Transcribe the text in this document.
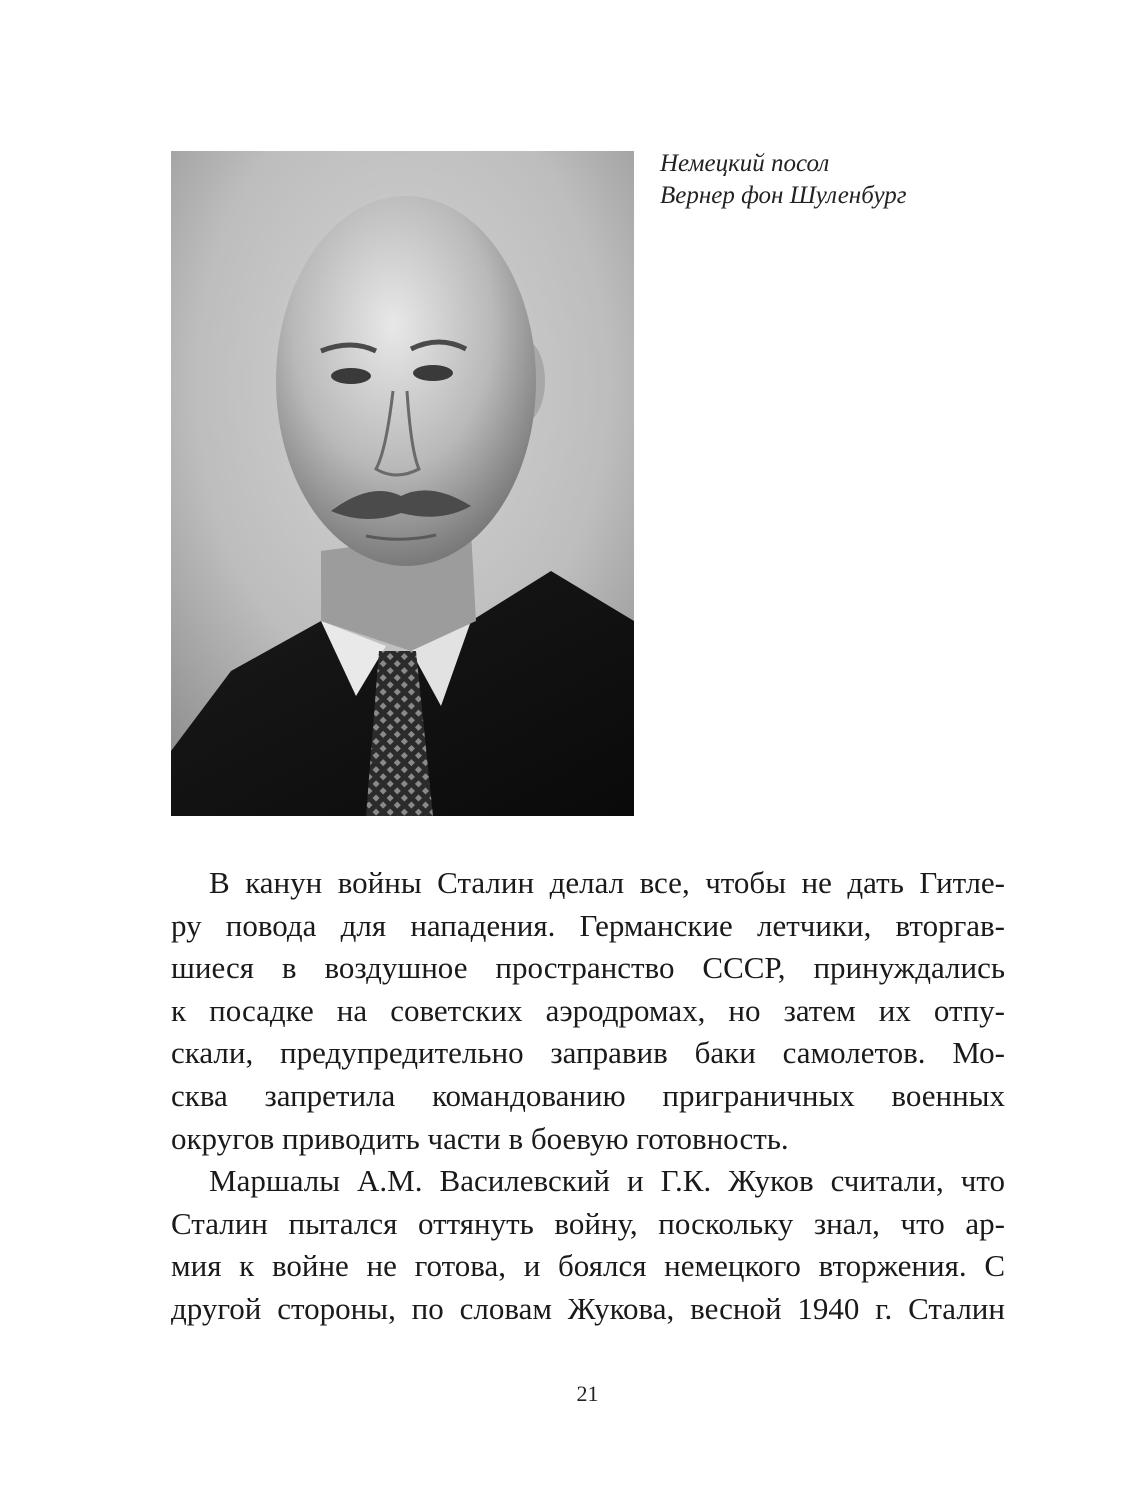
Немецкий посол
Вернер фон Шуленбург
В канун войны Сталин делал все, чтобы не дать Гитле-
ру повода для нападения. Германские летчики, вторгав-
шиеся в воздушное пространство СССР, принуждались
к посадке на советских аэродромах, но затем их отпу-
скали, предупредительно заправив баки самолетов. Мо-
сква запретила командованию приграничных военных
округов приводить части в боевую готовность.
Маршалы А.М. Василевский и Г.К. Жуков считали, что
Сталин пытался оттянуть войну, поскольку знал, что ар-
мия к войне не готова, и боялся немецкого вторжения. С
другой стороны, по словам Жукова, весной 1940 г. Сталин
21
